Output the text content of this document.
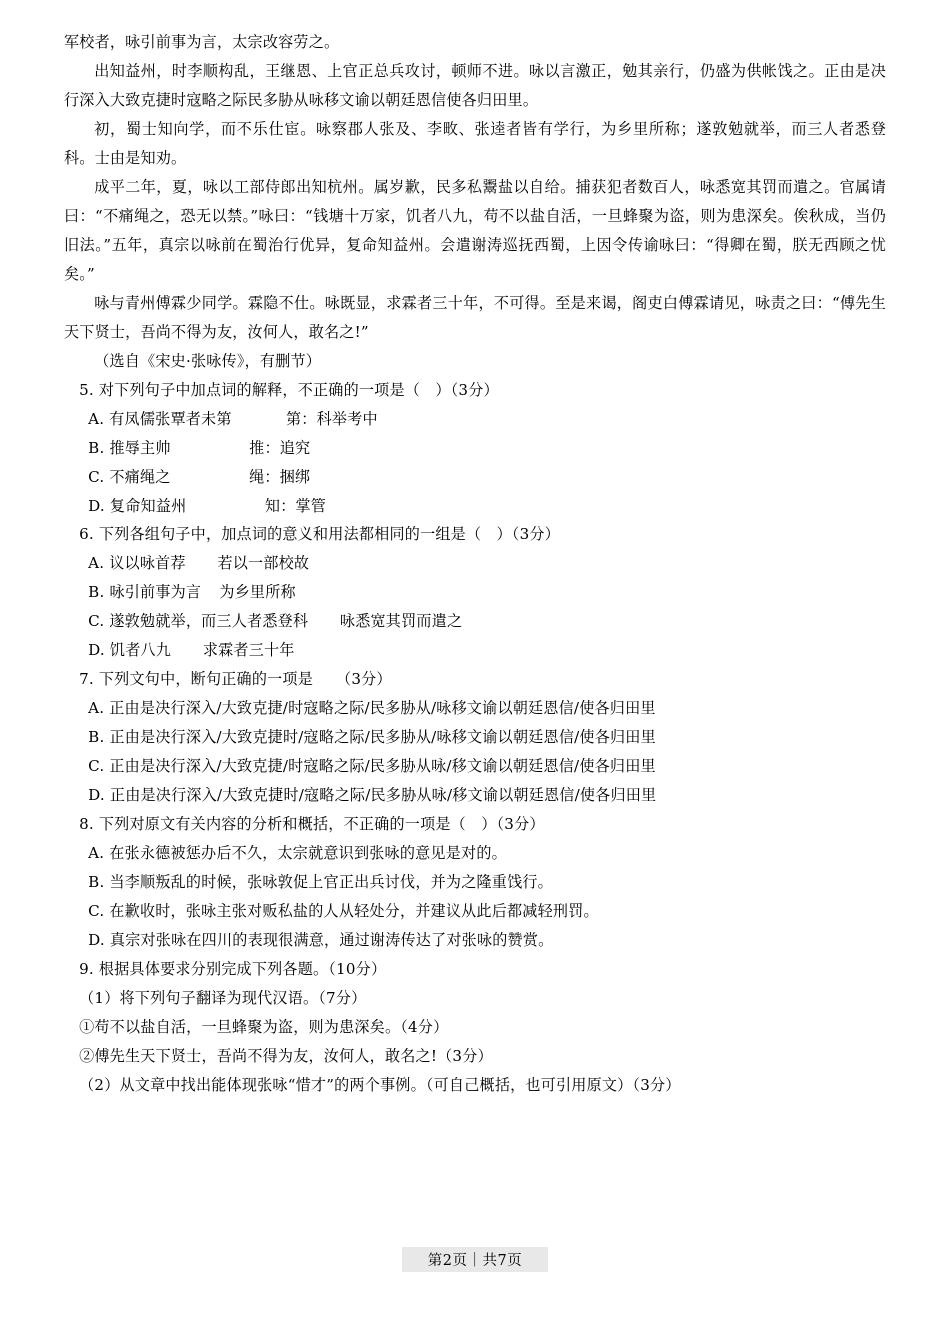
军校者，咏引前事为言，太宗改容劳之。

出知益州，时李顺构乱，王继恩、上官正总兵攻讨，顿师不进。咏以言激正，勉其亲行，仍盛为供帐饯之。正由是决行深入大致克捷时寇略之际民多胁从咏移文谕以朝廷恩信使各归田里。

初，蜀士知向学，而不乐仕宦。咏察郡人张及、李畋、张逵者皆有学行，为乡里所称；遂敦勉就举，而三人者悉登科。士由是知劝。

成平二年，夏，咏以工部侍郎出知杭州。属岁歉，民多私鬻盐以自给。捕获犯者数百人，咏悉宽其罚而遣之。官属请曰：“不痛绳之，恐无以禁。”咏曰：“钱塘十万家，饥者八九，苟不以盐自活，一旦蜂聚为盗，则为患深矣。俟秋成，当仍旧法。”五年，真宗以咏前在蜀治行优异，复命知益州。会遣谢涛巡抚西蜀，上因令传谕咏曰：“得卿在蜀，朕无西顾之忧矣。”

咏与青州傅霖少同学。霖隐不仕。咏既显，求霖者三十年，不可得。至是来谒，阁吏白傅霖请见，咏责之曰：“傅先生天下贤士，吾尚不得为友，汝何人，敢名之!”

（选自《宋史·张咏传》，有删节）

5. 对下列句子中加点词的解释，不正确的一项是（　）（3分）

A. 有凤儒张覃者未第	第：科举考中

B. 推辱主帅	推：追究

C. 不痛绳之	绳：捆绑

D. 复命知益州	知：掌管

6. 下列各组句子中，加点词的意义和用法都相同的一组是（　）（3分）

A. 议以咏首荐 若以一部校故

B. 咏引前事为言 为乡里所称

C. 遂敦勉就举，而三人者悉登科 咏悉宽其罚而遣之

D. 饥者八九 求霖者三十年

7. 下列文句中，断句正确的一项是　　（3分）

A. 正由是决行深入/大致克捷/时寇略之际/民多胁从/咏移文谕以朝廷恩信/使各归田里

B. 正由是决行深入/大致克捷时/寇略之际/民多胁从/咏移文谕以朝廷恩信/使各归田里

C. 正由是决行深入/大致克捷/时寇略之际/民多胁从咏/移文谕以朝廷恩信/使各归田里

D. 正由是决行深入/大致克捷时/寇略之际/民多胁从咏/移文谕以朝廷恩信/使各归田里

8. 下列对原文有关内容的分析和概括，不正确的一项是（　）（3分）

A. 在张永德被惩办后不久，太宗就意识到张咏的意见是对的。

B. 当李顺叛乱的时候，张咏敦促上官正出兵讨伐，并为之隆重饯行。

C. 在歉收时，张咏主张对贩私盐的人从轻处分，并建议从此后都减轻刑罚。

D. 真宗对张咏在四川的表现很满意，通过谢涛传达了对张咏的赞赏。

9. 根据具体要求分别完成下列各题。（10分）

（1）将下列句子翻译为现代汉语。（7分）

①苟不以盐自活，一旦蜂聚为盗，则为患深矣。（4分）

②傅先生天下贤士，吾尚不得为友，汝何人，敢名之!（3分）

（2）从文章中找出能体现张咏“惜才”的两个事例。（可自己概括，也可引用原文）（3分）

第2页｜共7页
